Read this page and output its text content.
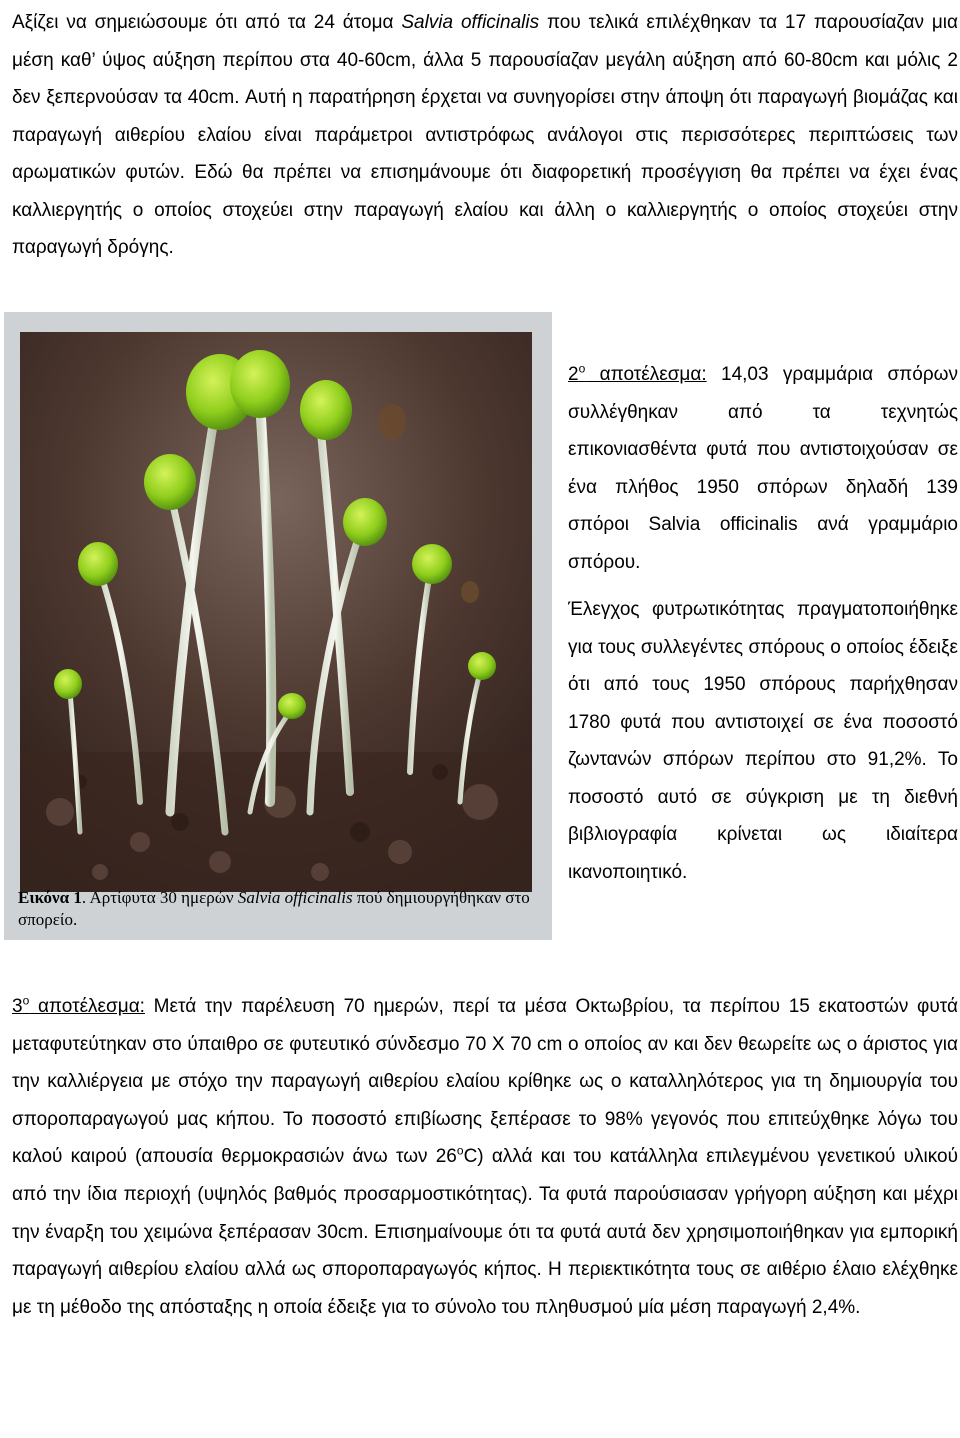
Αξίζει να σημειώσουμε ότι από τα 24 άτομα Salvia officinalis που τελικά επιλέχθηκαν τα 17 παρουσίαζαν μια μέση καθ’ ύψος αύξηση περίπου στα 40-60cm, άλλα 5 παρουσίαζαν μεγάλη αύξηση από 60-80cm και μόλις 2 δεν ξεπερνούσαν τα 40cm. Αυτή η παρατήρηση έρχεται να συνηγορίσει στην άποψη ότι παραγωγή βιομάζας και παραγωγή αιθερίου ελαίου είναι παράμετροι αντιστρόφως ανάλογοι στις περισσότερες περιπτώσεις των αρωματικών φυτών. Εδώ θα πρέπει να επισημάνουμε ότι διαφορετική προσέγγιση θα πρέπει να έχει ένας καλλιεργητής ο οποίος στοχεύει στην παραγωγή ελαίου και άλλη ο καλλιεργητής ο οποίος στοχεύει στην παραγωγή δρόγης.

Εικόνα 1. Αρτίφυτα 30 ημερών Salvia officinalis πού δημιουργήθηκαν στο σπορείο.

$2^o$ αποτέλεσμα: 14,03 γραμμάρια σπόρων συλλέγθηκαν από τα τεχνητώς επικονιασθέντα φυτά που αντιστοιχούσαν σε ένα πλήθος 1950 σπόρων δηλαδή 139 σπόροι Salvia officinalis ανά γραμμάριο σπόρου.

Έλεγχος φυτρωτικότητας πραγματοποιήθηκε για τους συλλεγέντες σπόρους ο οποίος έδειξε ότι από τους 1950 σπόρους παρήχθησαν 1780 φυτά που αντιστοιχεί σε ένα ποσοστό ζωντανών σπόρων περίπου στο 91,2%. Το ποσοστό αυτό σε σύγκριση με τη διεθνή βιβλιογραφία κρίνεται ως ιδιαίτερα ικανοποιητικό.

$3^o$ αποτέλεσμα: Μετά την παρέλευση 70 ημερών, περί τα μέσα Οκτωβρίου, τα περίπου 15 εκατοστών φυτά μεταφυτεύτηκαν στο ύπαιθρο σε φυτευτικό σύνδεσμο 70 Χ 70 cm ο οποίος αν και δεν θεωρείτε ως ο άριστος για την καλλιέργεια με στόχο την παραγωγή αιθερίου ελαίου κρίθηκε ως ο καταλληλότερος για τη δημιουργία του σποροπαραγωγού μας κήπου. Το ποσοστό επιβίωσης ξεπέρασε το 98% γεγονός που επιτεύχθηκε λόγω του καλού καιρού (απουσία θερμοκρασιών άνω των 26$^o$C) αλλά και του κατάλληλα επιλεγμένου γενετικού υλικού από την ίδια περιοχή (υψηλός βαθμός προσαρμοστικότητας). Τα φυτά παρούσιασαν γρήγορη αύξηση και μέχρι την έναρξη του χειμώνα ξεπέρασαν 30cm. Επισημαίνουμε ότι τα φυτά αυτά δεν χρησιμοποιήθηκαν για εμπορική παραγωγή αιθερίου ελαίου αλλά ως σποροπαραγωγός κήπος. Η περιεκτικότητα τους σε αιθέριο έλαιο ελέχθηκε με τη μέθοδο της απόσταξης η οποία έδειξε για το σύνολο του πληθυσμού μία μέση παραγωγή 2,4%.
